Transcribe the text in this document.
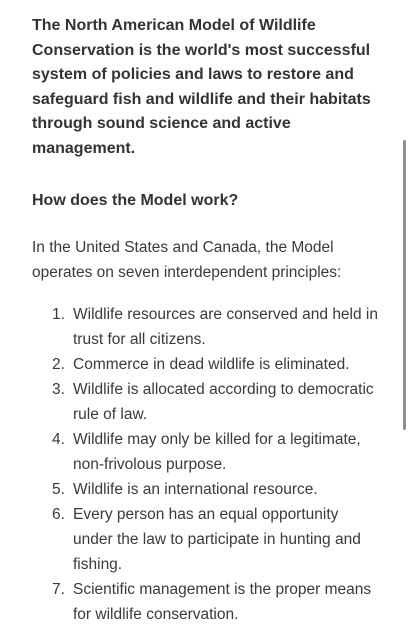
The North American Model of Wildlife Conservation is the world's most successful system of policies and laws to restore and safeguard fish and wildlife and their habitats through sound science and active management.

How does the Model work?

In the United States and Canada, the Model operates on seven interdependent principles:

1. Wildlife resources are conserved and held in trust for all citizens.
2. Commerce in dead wildlife is eliminated.
3. Wildlife is allocated according to democratic rule of law.
4. Wildlife may only be killed for a legitimate, non-frivolous purpose.
5. Wildlife is an international resource.
6. Every person has an equal opportunity under the law to participate in hunting and fishing.
7. Scientific management is the proper means for wildlife conservation.
